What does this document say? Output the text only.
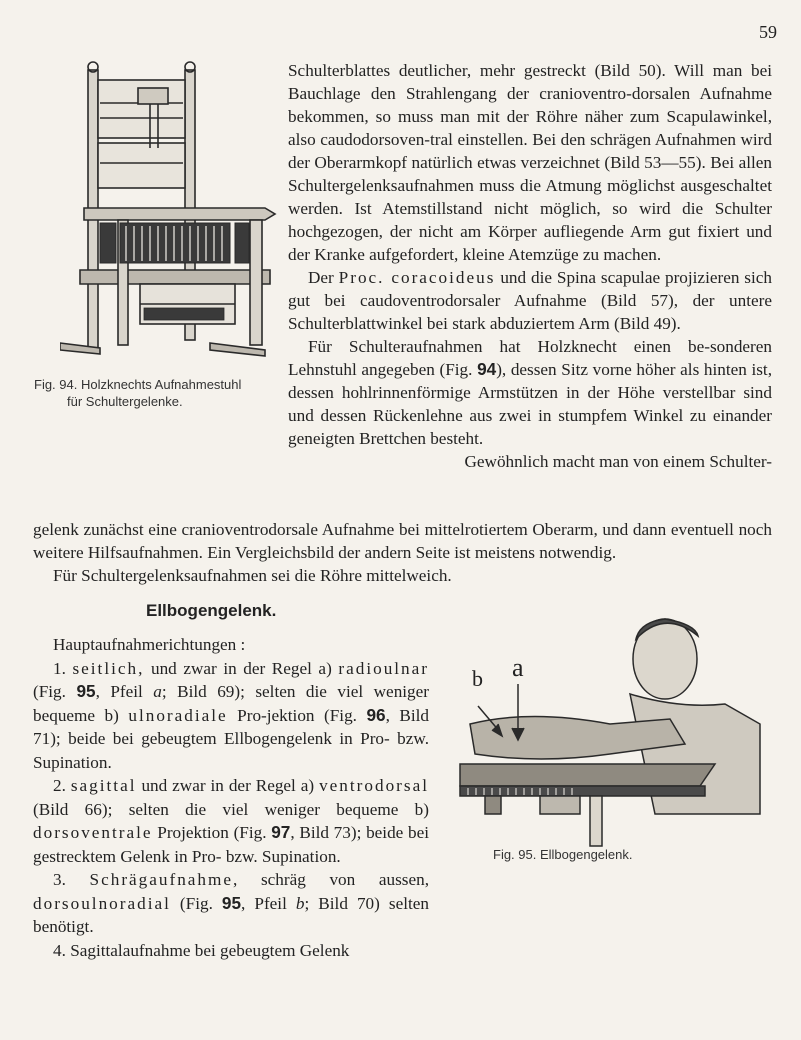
59
Fig. 94. Holzknechts Aufnahmestuhl
für Schultergelenke.

Schulterblattes deutlicher, mehr gestreckt (Bild 50). Will man bei Bauchlage den Strahlengang der cranioventro-dorsalen Aufnahme bekommen, so muss man mit der Röhre näher zum Scapulawinkel, also caudodorsoven-tral einstellen. Bei den schrägen Aufnahmen wird der Oberarmkopf natürlich etwas verzeichnet (Bild 53—55). Bei allen Schultergelenksaufnahmen muss die Atmung möglichst ausgeschaltet werden. Ist Atemstillstand nicht möglich, so wird die Schulter hochgezogen, der nicht am Körper aufliegende Arm gut fixiert und der Kranke aufgefordert, kleine Atemzüge zu machen.

Der Proc. coracoideus und die Spina scapulae projizieren sich gut bei caudoventrodorsaler Aufnahme (Bild 57), der untere Schulterblattwinkel bei stark abduziertem Arm (Bild 49).

Für Schulteraufnahmen hat Holzknecht einen be-sonderen Lehnstuhl angegeben (Fig. 94), dessen Sitz vorne höher als hinten ist, dessen hohlrinnenförmige Armstützen in der Höhe verstellbar sind und dessen Rückenlehne aus zwei in stumpfem Winkel zu einander geneigten Brettchen besteht.

Gewöhnlich macht man von einem Schulter-

gelenk zunächst eine cranioventrodorsale Aufnahme bei mittelrotiertem Oberarm, und dann eventuell noch weitere Hilfsaufnahmen. Ein Vergleichsbild der andern Seite ist meistens notwendig.

Für Schultergelenksaufnahmen sei die Röhre mittelweich.

Ellbogengelenk.

Hauptaufnahmerichtungen :

1. seitlich, und zwar in der Regel a) radioulnar (Fig. 95, Pfeil a; Bild 69); selten die viel weniger bequeme b) ulnoradiale Pro-jektion (Fig. 96, Bild 71); beide bei gebeugtem Ellbogengelenk in Pro- bzw. Supination.

2. sagittal und zwar in der Regel a) ventrodorsal (Bild 66); selten die viel weniger bequeme b) dorsoventrale Projektion (Fig. 97, Bild 73); beide bei gestrecktem Gelenk in Pro- bzw. Supination.

3. Schrägaufnahme, schräg von aussen, dorsoulnoradial (Fig. 95, Pfeil b; Bild 70) selten benötigt.

4. Sagittalaufnahme bei gebeugtem Gelenk

a
b
Fig. 95. Ellbogengelenk.
